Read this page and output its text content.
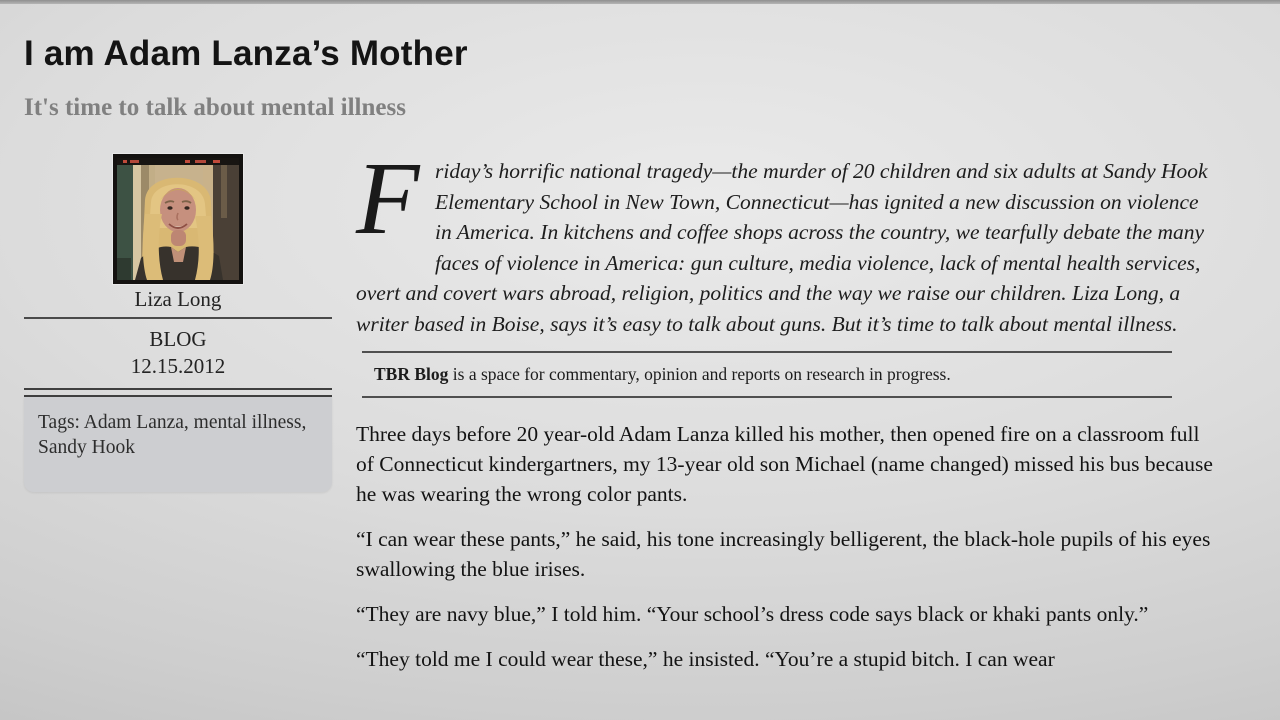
I am Adam Lanza’s Mother
It's time to talk about mental illness
Liza Long
BLOG
12.15.2012
Tags: Adam Lanza, mental illness, Sandy Hook

Friday’s horrific national tragedy—the murder of 20 children and six adults at Sandy Hook Elementary School in New Town, Connecticut—has ignited a new discussion on violence in America. In kitchens and coffee shops across the country, we tearfully debate the many faces of violence in America: gun culture, media violence, lack of mental health services, overt and covert wars abroad, religion, politics and the way we raise our children. Liza Long, a writer based in Boise, says it’s easy to talk about guns. But it’s time to talk about mental illness.

TBR Blog is a space for commentary, opinion and reports on research in progress.

Three days before 20 year-old Adam Lanza killed his mother, then opened fire on a classroom full of Connecticut kindergartners, my 13-year old son Michael (name changed) missed his bus because he was wearing the wrong color pants.

“I can wear these pants,” he said, his tone increasingly belligerent, the black-hole pupils of his eyes swallowing the blue irises.

“They are navy blue,” I told him. “Your school’s dress code says black or khaki pants only.”

“They told me I could wear these,” he insisted. “You’re a stupid bitch. I can wear
